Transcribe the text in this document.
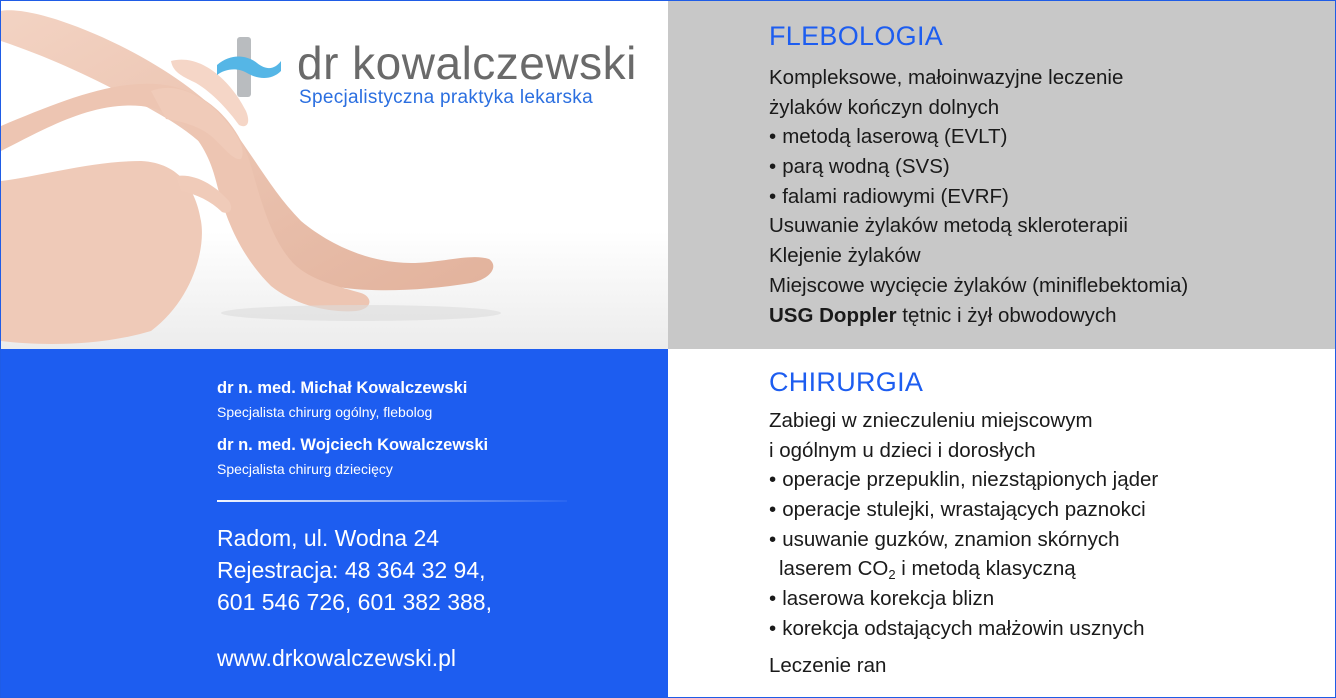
dr kowalczewski
Specjalistyczna praktyka lekarska
FLEBOLOGIA
Kompleksowe, małoinwazyjne leczenie
żylaków kończyn dolnych
• metodą laserową (EVLT)
• parą wodną (SVS)
• falami radiowymi (EVRF)
Usuwanie żylaków metodą skleroterapii
Klejenie żylaków
Miejscowe wycięcie żylaków (miniflebektomia)
USG Doppler tętnic i żył obwodowych
dr n. med. Michał Kowalczewski
Specjalista chirurg ogólny, flebolog
dr n. med. Wojciech Kowalczewski
Specjalista chirurg dziecięcy
Radom, ul. Wodna 24
Rejestracja: 48 364 32 94,
601 546 726, 601 382 388,
www.drkowalczewski.pl
CHIRURGIA
Zabiegi w znieczuleniu miejscowym
i ogólnym u dzieci i dorosłych
• operacje przepuklin, niezstąpionych jąder
• operacje stulejki, wrastających paznokci
• usuwanie guzków, znamion skórnych
laserem $CO_2$ i metodą klasyczną
• laserowa korekcja blizn
• korekcja odstających małżowin usznych
Leczenie ran
